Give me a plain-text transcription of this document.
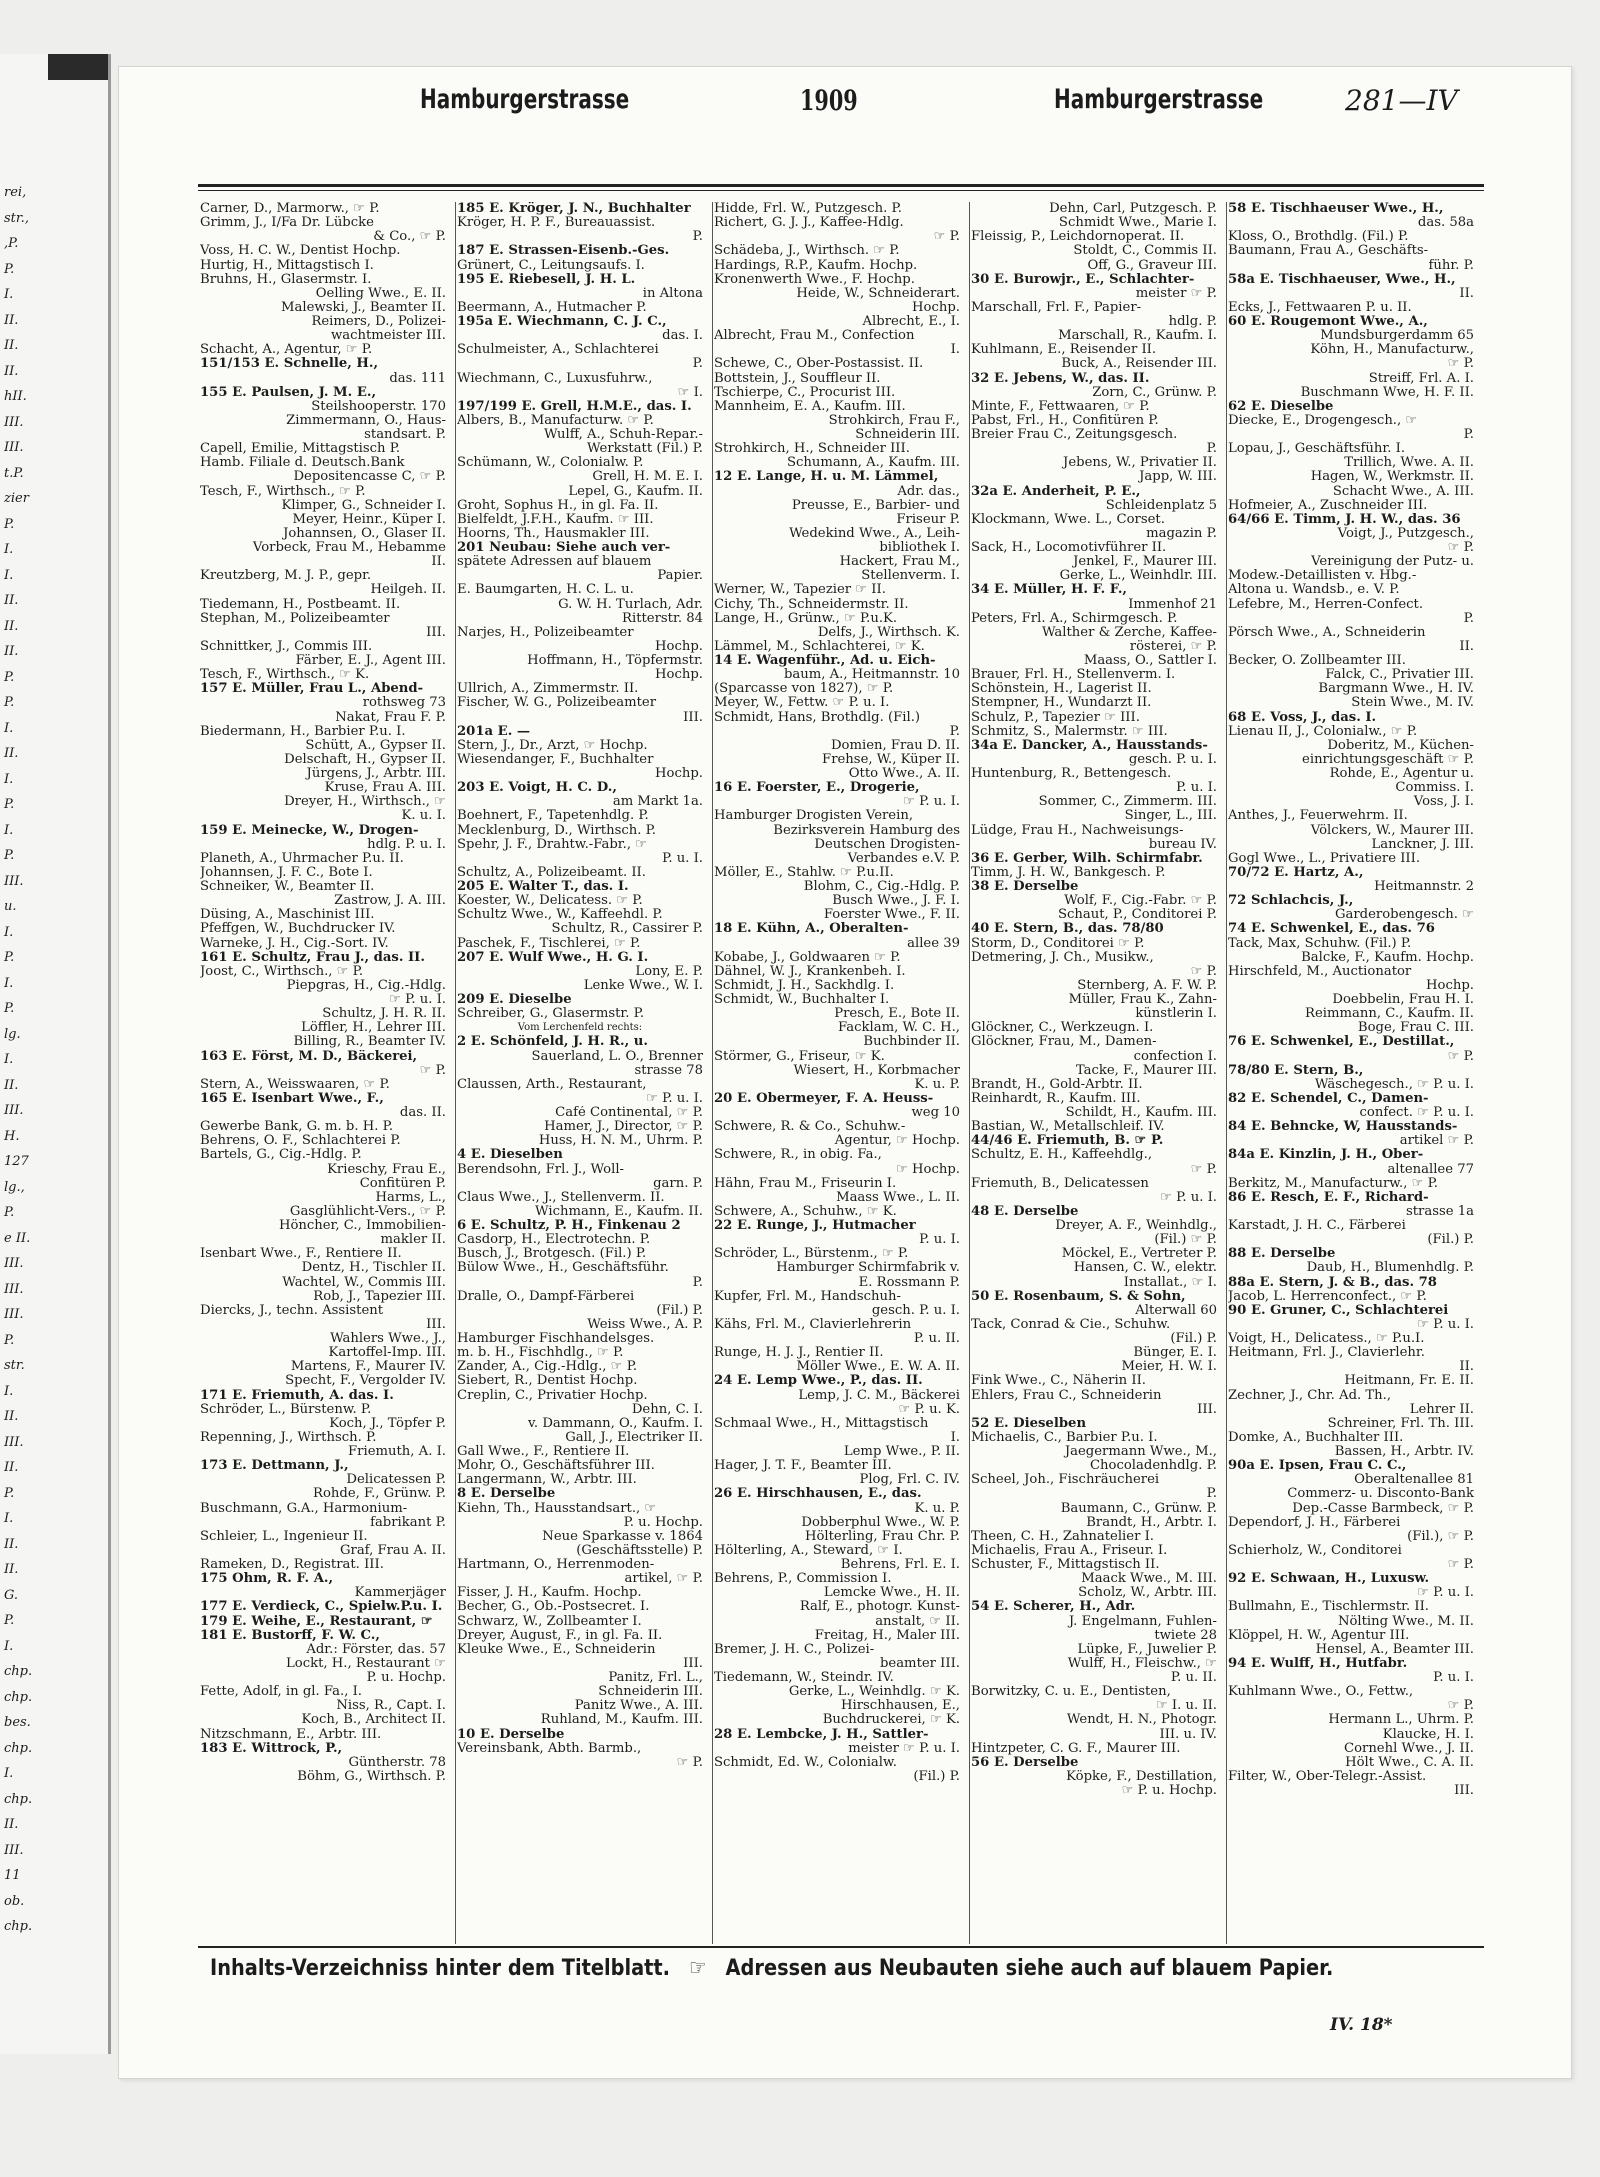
rei,
str.,
,P.
P.
I.
II.
II.
II.
hII.
III.
III.
t.P.
zier
P.
I.
I.
II.
II.
II.
P.
P.
I.
II.
I.
P.
I.
P.
III.
u.
I.
P.
I.
P.
lg.
I.
II.
III.
H.
127
lg.,
P.
e II.
III.
III.
III.
P.
str.
I.
II.
III.
II.
P.
I.
II.
II.
G.
P.
I.
chp.
chp.
bes.
chp.
I.
chp.
II.
III.
11
ob.
chp.
Hamburgerstrasse	1909	Hamburgerstrasse	281—IV
Carner, D., Marmorw., ☞ P.
Grimm, J., I/Fa Dr. Lübcke
& Co., ☞ P.
Voss, H. C. W., Dentist Hochp.
Hurtig, H., Mittagstisch I.
Bruhns, H., Glasermstr. I.
Oelling Wwe., E. II.
Malewski, J., Beamter II.
Reimers, D., Polizei-
wachtmeister III.
Schacht, A., Agentur, ☞ P.
151/153 E. Schnelle, H.,
das. 111
155 E. Paulsen, J. M. E.,
Steilshooperstr. 170
Zimmermann, O., Haus-
standsart. P.
Capell, Emilie, Mittagstisch P.
Hamb. Filiale d. Deutsch.Bank
Depositencasse C, ☞ P.
Tesch, F., Wirthsch., ☞ P.
Klimper, G., Schneider I.
Meyer, Heinr., Küper I.
Johannsen, O., Glaser II.
Vorbeck, Frau M., Hebamme
II.
Kreutzberg, M. J. P., gepr.
Heilgeh. II.
Tiedemann, H., Postbeamt. II.
Stephan, M., Polizeibeamter
III.
Schnittker, J., Commis III.
Färber, E. J., Agent III.
Tesch, F., Wirthsch., ☞ K.
157 E. Müller, Frau L., Abend-
rothsweg 73
Nakat, Frau F. P.
Biedermann, H., Barbier P.u. I.
Schütt, A., Gypser II.
Delschaft, H., Gypser II.
Jürgens, J., Arbtr. III.
Kruse, Frau A. III.
Dreyer, H., Wirthsch., ☞
K. u. I.
159 E. Meinecke, W., Drogen-
hdlg. P. u. I.
Planeth, A., Uhrmacher P.u. II.
Johannsen, J. F. C., Bote I.
Schneiker, W., Beamter II.
Zastrow, J. A. III.
Düsing, A., Maschinist III.
Pfeffgen, W., Buchdrucker IV.
Warneke, J. H., Cig.-Sort. IV.
161 E. Schultz, Frau J., das. II.
Joost, C., Wirthsch., ☞ P.
Piepgras, H., Cig.-Hdlg.
☞ P. u. I.
Schultz, J. H. R. II.
Löffler, H., Lehrer III.
Billing, R., Beamter IV.
163 E. Först, M. D., Bäckerei,
☞ P.
Stern, A., Weisswaaren, ☞ P.
165 E. Isenbart Wwe., F.,
das. II.
Gewerbe Bank, G. m. b. H. P.
Behrens, O. F., Schlachterei P.
Bartels, G., Cig.-Hdlg. P.
Krieschy, Frau E.,
Confitüren P.
Harms, L.,
Gasglühlicht-Vers., ☞ P.
Höncher, C., Immobilien-
makler II.
Isenbart Wwe., F., Rentiere II.
Dentz, H., Tischler II.
Wachtel, W., Commis III.
Rob, J., Tapezier III.
Diercks, J., techn. Assistent
III.
Wahlers Wwe., J.,
Kartoffel-Imp. III.
Martens, F., Maurer IV.
Specht, F., Vergolder IV.
171 E. Friemuth, A. das. I.
Schröder, L., Bürstenw. P.
Koch, J., Töpfer P.
Repenning, J., Wirthsch. P.
Friemuth, A. I.
173 E. Dettmann, J.,
Delicatessen P.
Rohde, F., Grünw. P.
Buschmann, G.A., Harmonium-
fabrikant P.
Schleier, L., Ingenieur II.
Graf, Frau A. II.
Rameken, D., Registrat. III.
175 Ohm, R. F. A.,
Kammerjäger
177 E. Verdieck, C., Spielw.P.u. I.
179 E. Weihe, E., Restaurant, ☞
181 E. Bustorff, F. W. C.,
Adr.: Förster, das. 57
Lockt, H., Restaurant ☞
P. u. Hochp.
Fette, Adolf, in gl. Fa., I.
Niss, R., Capt. I.
Koch, B., Architect II.
Nitzschmann, E., Arbtr. III.
183 E. Wittrock, P.,
Güntherstr. 78
Böhm, G., Wirthsch. P.
185 E. Kröger, J. N., Buchhalter
Kröger, H. P. F., Bureauassist.
P.
187 E. Strassen-Eisenb.-Ges.
Grünert, C., Leitungsaufs. I.
195 E. Riebesell, J. H. L.
in Altona
Beermann, A., Hutmacher P.
195a E. Wiechmann, C. J. C.,
das. I.
Schulmeister, A., Schlachterei
P.
Wiechmann, C., Luxusfuhrw.,
☞ I.
197/199 E. Grell, H.M.E., das. I.
Albers, B., Manufacturw. ☞ P.
Wulff, A., Schuh-Repar.-
Werkstatt (Fil.) P.
Schümann, W., Colonialw. P.
Grell, H. M. E. I.
Lepel, G., Kaufm. II.
Groht, Sophus H., in gl. Fa. II.
Bielfeldt, J.F.H., Kaufm. ☞ III.
Hoorns, Th., Hausmakler III.
201 Neubau: Siehe auch ver-
spätete Adressen auf blauem
Papier.
E. Baumgarten, H. C. L. u.
G. W. H. Turlach, Adr.
Ritterstr. 84
Narjes, H., Polizeibeamter
Hochp.
Hoffmann, H., Töpfermstr.
Hochp.
Ullrich, A., Zimmermstr. II.
Fischer, W. G., Polizeibeamter
III.
201a E. —
Stern, J., Dr., Arzt, ☞ Hochp.
Wiesendanger, F., Buchhalter
Hochp.
203 E. Voigt, H. C. D.,
am Markt 1a.
Boehnert, F., Tapetenhdlg. P.
Mecklenburg, D., Wirthsch. P.
Spehr, J. F., Drahtw.-Fabr., ☞
P. u. I.
Schultz, A., Polizeibeamt. II.
205 E. Walter T., das. I.
Koester, W., Delicatess. ☞ P.
Schultz Wwe., W., Kaffeehdl. P.
Schultz, R., Cassirer P.
Paschek, F., Tischlerei, ☞ P.
207 E. Wulf Wwe., H. G. I.
Lony, E. P.
Lenke Wwe., W. I.
209 E. Dieselbe
Schreiber, G., Glasermstr. P.
Vom Lerchenfeld rechts:
2 E. Schönfeld, J. H. R., u.
Sauerland, L. O., Brenner
strasse 78
Claussen, Arth., Restaurant,
☞ P. u. I.
Café Continental, ☞ P.
Hamer, J., Director, ☞ P.
Huss, H. N. M., Uhrm. P.
4 E. Dieselben
Berendsohn, Frl. J., Woll-
garn. P.
Claus Wwe., J., Stellenverm. II.
Wichmann, E., Kaufm. II.
6 E. Schultz, P. H., Finkenau 2
Casdorp, H., Electrotechn. P.
Busch, J., Brotgesch. (Fil.) P.
Bülow Wwe., H., Geschäftsführ.
P.
Dralle, O., Dampf-Färberei
(Fil.) P.
Weiss Wwe., A. P.
Hamburger Fischhandelsges.
m. b. H., Fischhdlg., ☞ P.
Zander, A., Cig.-Hdlg., ☞ P.
Siebert, R., Dentist Hochp.
Creplin, C., Privatier Hochp.
Dehn, C. I.
v. Dammann, O., Kaufm. I.
Gall, J., Electriker II.
Gall Wwe., F., Rentiere II.
Mohr, O., Geschäftsführer III.
Langermann, W., Arbtr. III.
8 E. Derselbe
Kiehn, Th., Hausstandsart., ☞
P. u. Hochp.
Neue Sparkasse v. 1864
(Geschäftsstelle) P.
Hartmann, O., Herrenmoden-
artikel, ☞ P.
Fisser, J. H., Kaufm. Hochp.
Becher, G., Ob.-Postsecret. I.
Schwarz, W., Zollbeamter I.
Dreyer, August, F., in gl. Fa. II.
Kleuke Wwe., E., Schneiderin
III.
Panitz, Frl. L.,
Schneiderin III.
Panitz Wwe., A. III.
Ruhland, M., Kaufm. III.
10 E. Derselbe
Vereinsbank, Abth. Barmb.,
☞ P.
Hidde, Frl. W., Putzgesch. P.
Richert, G. J. J., Kaffee-Hdlg.
☞ P.
Schädeba, J., Wirthsch. ☞ P.
Hardings, R.P., Kaufm. Hochp.
Kronenwerth Wwe., F. Hochp.
Heide, W., Schneiderart.
Hochp.
Albrecht, E., I.
Albrecht, Frau M., Confection
I.
Schewe, C., Ober-Postassist. II.
Bottstein, J., Souffleur II.
Tschierpe, C., Procurist III.
Mannheim, E. A., Kaufm. III.
Strohkirch, Frau F.,
Schneiderin III.
Strohkirch, H., Schneider III.
Schumann, A., Kaufm. III.
12 E. Lange, H. u. M. Lämmel,
Adr. das.,
Preusse, E., Barbier- und
Friseur P.
Wedekind Wwe., A., Leih-
bibliothek I.
Hackert, Frau M.,
Stellenverm. I.
Werner, W., Tapezier ☞ II.
Cichy, Th., Schneidermstr. II.
Lange, H., Grünw., ☞ P.u.K.
Delfs, J., Wirthsch. K.
Lämmel, M., Schlachterei, ☞ K.
14 E. Wagenführ., Ad. u. Eich-
baum, A., Heitmannstr. 10
(Sparcasse von 1827), ☞ P.
Meyer, W., Fettw. ☞ P. u. I.
Schmidt, Hans, Brothdlg. (Fil.)
P.
Domien, Frau D. II.
Frehse, W., Küper II.
Otto Wwe., A. II.
16 E. Foerster, E., Drogerie,
☞ P. u. I.
Hamburger Drogisten Verein,
Bezirksverein Hamburg des
Deutschen Drogisten-
Verbandes e.V. P.
Möller, E., Stahlw. ☞ P.u.II.
Blohm, C., Cig.-Hdlg. P.
Busch Wwe., J. F. I.
Foerster Wwe., F. II.
18 E. Kühn, A., Oberalten-
allee 39
Kobabe, J., Goldwaaren ☞ P.
Dähnel, W. J., Krankenbeh. I.
Schmidt, J. H., Sackhdlg. I.
Schmidt, W., Buchhalter I.
Presch, E., Bote II.
Facklam, W. C. H.,
Buchbinder II.
Störmer, G., Friseur, ☞ K.
Wiesert, H., Korbmacher
K. u. P.
20 E. Obermeyer, F. A. Heuss-
weg 10
Schwere, R. & Co., Schuhw.-
Agentur, ☞ Hochp.
Schwere, R., in obig. Fa.,
☞ Hochp.
Hähn, Frau M., Friseurin I.
Maass Wwe., L. II.
Schwere, A., Schuhw., ☞ K.
22 E. Runge, J., Hutmacher
P. u. I.
Schröder, L., Bürstenm., ☞ P.
Hamburger Schirmfabrik v.
E. Rossmann P.
Kupfer, Frl. M., Handschuh-
gesch. P. u. I.
Kähs, Frl. M., Clavierlehrerin
P. u. II.
Runge, H. J. J., Rentier II.
Möller Wwe., E. W. A. II.
24 E. Lemp Wwe., P., das. II.
Lemp, J. C. M., Bäckerei
☞ P. u. K.
Schmaal Wwe., H., Mittagstisch
I.
Lemp Wwe., P. II.
Hager, J. T. F., Beamter III.
Plog, Frl. C. IV.
26 E. Hirschhausen, E., das.
K. u. P.
Dobberphul Wwe., W. P.
Hölterling, Frau Chr. P.
Hölterling, A., Steward, ☞ I.
Behrens, Frl. E. I.
Behrens, P., Commission I.
Lemcke Wwe., H. II.
Ralf, E., photogr. Kunst-
anstalt, ☞ II.
Freitag, H., Maler III.
Bremer, J. H. C., Polizei-
beamter III.
Tiedemann, W., Steindr. IV.
Gerke, L., Weinhdlg. ☞ K.
Hirschhausen, E.,
Buchdruckerei, ☞ K.
28 E. Lembcke, J. H., Sattler-
meister ☞ P. u. I.
Schmidt, Ed. W., Colonialw.
(Fil.) P.
Dehn, Carl, Putzgesch. P.
Schmidt Wwe., Marie I.
Fleissig, P., Leichdornoperat. II.
Stoldt, C., Commis II.
Off, G., Graveur III.
30 E. Burowjr., E., Schlachter-
meister ☞ P.
Marschall, Frl. F., Papier-
hdlg. P.
Marschall, R., Kaufm. I.
Kuhlmann, E., Reisender II.
Buck, A., Reisender III.
32 E. Jebens, W., das. II.
Zorn, C., Grünw. P.
Minte, F., Fettwaaren, ☞ P.
Pabst, Frl., H., Confitüren P.
Breier Frau C., Zeitungsgesch.
P.
Jebens, W., Privatier II.
Japp, W. III.
32a E. Anderheit, P. E.,
Schleidenplatz 5
Klockmann, Wwe. L., Corset.
magazin P.
Sack, H., Locomotivführer II.
Jenkel, F., Maurer III.
Gerke, L., Weinhdlr. III.
34 E. Müller, H. F. F.,
Immenhof 21
Peters, Frl. A., Schirmgesch. P.
Walther & Zerche, Kaffee-
rösterei, ☞ P.
Maass, O., Sattler I.
Brauer, Frl. H., Stellenverm. I.
Schönstein, H., Lagerist II.
Stempner, H., Wundarzt II.
Schulz, P., Tapezier ☞ III.
Schmitz, S., Malermstr. ☞ III.
34a E. Dancker, A., Hausstands-
gesch. P. u. I.
Huntenburg, R., Bettengesch.
P. u. I.
Sommer, C., Zimmerm. III.
Singer, L., III.
Lüdge, Frau H., Nachweisungs-
bureau IV.
36 E. Gerber, Wilh. Schirmfabr.
Timm, J. H. W., Bankgesch. P.
38 E. Derselbe
Wolf, F., Cig.-Fabr. ☞ P.
Schaut, P., Conditorei P.
40 E. Stern, B., das. 78/80
Storm, D., Conditorei ☞ P.
Detmering, J. Ch., Musikw.,
☞ P.
Sternberg, A. F. W. P.
Müller, Frau K., Zahn-
künstlerin I.
Glöckner, C., Werkzeugn. I.
Glöckner, Frau, M., Damen-
confection I.
Tacke, F., Maurer III.
Brandt, H., Gold-Arbtr. II.
Reinhardt, R., Kaufm. III.
Schildt, H., Kaufm. III.
Bastian, W., Metallschleif. IV.
44/46 E. Friemuth, B. ☞ P.
Schultz, E. H., Kaffeehdlg.,
☞ P.
Friemuth, B., Delicatessen
☞ P. u. I.
48 E. Derselbe
Dreyer, A. F., Weinhdlg.,
(Fil.) ☞ P.
Möckel, E., Vertreter P.
Hansen, C. W., elektr.
Installat., ☞ I.
50 E. Rosenbaum, S. & Sohn,
Alterwall 60
Tack, Conrad & Cie., Schuhw.
(Fil.) P.
Bünger, E. I.
Meier, H. W. I.
Fink Wwe., C., Näherin II.
Ehlers, Frau C., Schneiderin
III.
52 E. Dieselben
Michaelis, C., Barbier P.u. I.
Jaegermann Wwe., M.,
Chocoladenhdlg. P.
Scheel, Joh., Fischräucherei
P.
Baumann, C., Grünw. P.
Brandt, H., Arbtr. I.
Theen, C. H., Zahnatelier I.
Michaelis, Frau A., Friseur. I.
Schuster, F., Mittagstisch II.
Maack Wwe., M. III.
Scholz, W., Arbtr. III.
54 E. Scherer, H., Adr.
J. Engelmann, Fuhlen-
twiete 28
Lüpke, F., Juwelier P.
Wulff, H., Fleischw., ☞
P. u. II.
Borwitzky, C. u. E., Dentisten,
☞ I. u. II.
Wendt, H. N., Photogr.
III. u. IV.
Hintzpeter, C. G. F., Maurer III.
56 E. Derselbe
Köpke, F., Destillation,
☞ P. u. Hochp.
58 E. Tischhaeuser Wwe., H.,
das. 58a
Kloss, O., Brothdlg. (Fil.) P.
Baumann, Frau A., Geschäfts-
führ. P.
58a E. Tischhaeuser, Wwe., H.,
II.
Ecks, J., Fettwaaren P. u. II.
60 E. Rougemont Wwe., A.,
Mundsburgerdamm 65
Köhn, H., Manufacturw.,
☞ P.
Streiff, Frl. A. I.
Buschmann Wwe, H. F. II.
62 E. Dieselbe
Diecke, E., Drogengesch., ☞
P.
Lopau, J., Geschäftsführ. I.
Trillich, Wwe. A. II.
Hagen, W., Werkmstr. II.
Schacht Wwe., A. III.
Hofmeier, A., Zuschneider III.
64/66 E. Timm, J. H. W., das. 36
Voigt, J., Putzgesch.,
☞ P.
Vereinigung der Putz- u.
Modew.-Detaillisten v. Hbg.-
Altona u. Wandsb., e. V. P.
Lefebre, M., Herren-Confect.
P.
Pörsch Wwe., A., Schneiderin
II.
Becker, O. Zollbeamter III.
Falck, C., Privatier III.
Bargmann Wwe., H. IV.
Stein Wwe., M. IV.
68 E. Voss, J., das. I.
Lienau II, J., Colonialw., ☞ P.
Doberitz, M., Küchen-
einrichtungsgeschäft ☞ P.
Rohde, E., Agentur u.
Commiss. I.
Voss, J. I.
Anthes, J., Feuerwehrm. II.
Völckers, W., Maurer III.
Lanckner, J. III.
Gogl Wwe., L., Privatiere III.
70/72 E. Hartz, A.,
Heitmannstr. 2
72 Schlachcis, J.,
Garderobengesch. ☞
74 E. Schwenkel, E., das. 76
Tack, Max, Schuhw. (Fil.) P.
Balcke, F., Kaufm. Hochp.
Hirschfeld, M., Auctionator
Hochp.
Doebbelin, Frau H. I.
Reimmann, C., Kaufm. II.
Boge, Frau C. III.
76 E. Schwenkel, E., Destillat.,
☞ P.
78/80 E. Stern, B.,
Wäschegesch., ☞ P. u. I.
82 E. Schendel, C., Damen-
confect. ☞ P. u. I.
84 E. Behncke, W, Hausstands-
artikel ☞ P.
84a E. Kinzlin, J. H., Ober-
altenallee 77
Berkitz, M., Manufacturw., ☞ P.
86 E. Resch, E. F., Richard-
strasse 1a
Karstadt, J. H. C., Färberei
(Fil.) P.
88 E. Derselbe
Daub, H., Blumenhdlg. P.
88a E. Stern, J. & B., das. 78
Jacob, L. Herrenconfect., ☞ P.
90 E. Gruner, C., Schlachterei
☞ P. u. I.
Voigt, H., Delicatess., ☞ P.u.I.
Heitmann, Frl. J., Clavierlehr.
II.
Heitmann, Fr. E. II.
Zechner, J., Chr. Ad. Th.,
Lehrer II.
Schreiner, Frl. Th. III.
Domke, A., Buchhalter III.
Bassen, H., Arbtr. IV.
90a E. Ipsen, Frau C. C.,
Oberaltenallee 81
Commerz- u. Disconto-Bank
Dep.-Casse Barmbeck, ☞ P.
Dependorf, J. H., Färberei
(Fil.), ☞ P.
Schierholz, W., Conditorei
☞ P.
92 E. Schwaan, H., Luxusw.
☞ P. u. I.
Bullmahn, E., Tischlermstr. II.
Nölting Wwe., M. II.
Klöppel, H. W., Agentur III.
Hensel, A., Beamter III.
94 E. Wulff, H., Hutfabr.
P. u. I.
Kuhlmann Wwe., O., Fettw.,
☞ P.
Hermann L., Uhrm. P.
Klaucke, H. I.
Cornehl Wwe., J. II.
Hölt Wwe., C. A. II.
Filter, W., Ober-Telegr.-Assist.
III.
Inhalts-Verzeichniss hinter dem Titelblatt. ☞ Adressen aus Neubauten siehe auch auf blauem Papier.
IV. 18*
